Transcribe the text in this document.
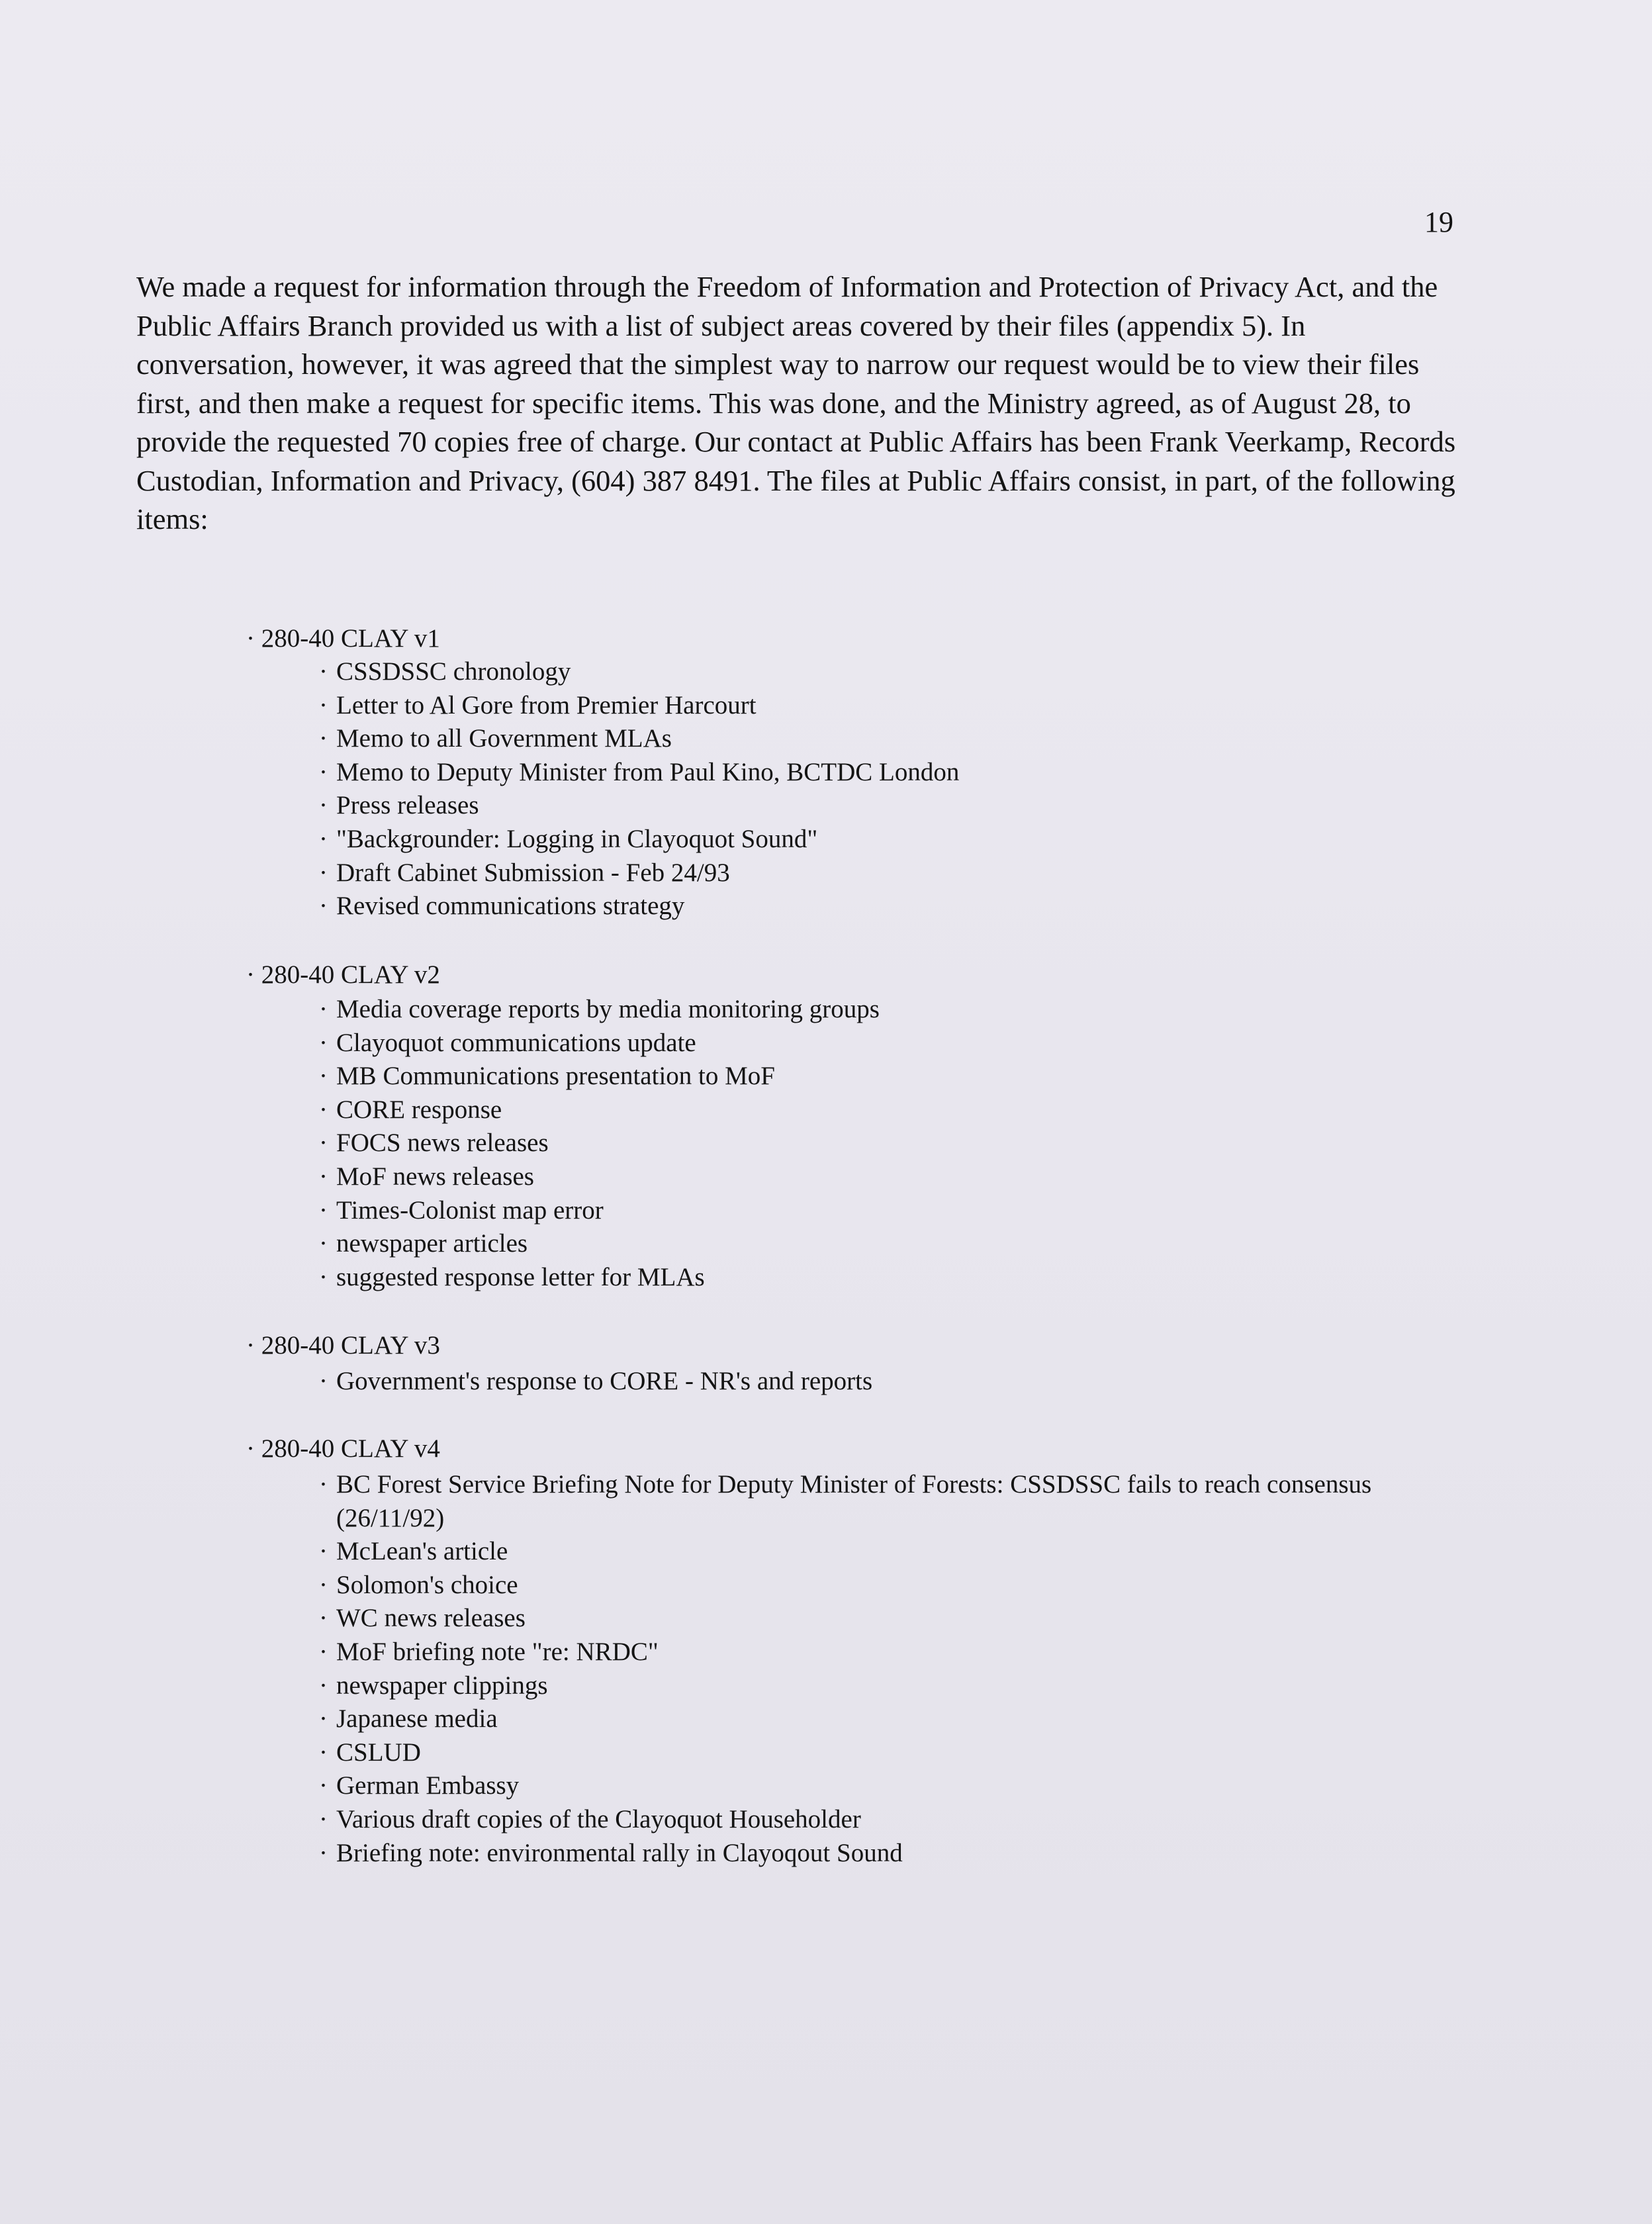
19

We made a request for information through the Freedom of Information and Protection of Privacy Act, and the Public Affairs Branch provided us with a list of subject areas covered by their files (appendix 5). In conversation, however, it was agreed that the simplest way to narrow our request would be to view their files first, and then make a request for specific items. This was done, and the Ministry agreed, as of August 28, to provide the requested 70 copies free of charge. Our contact at Public Affairs has been Frank Veerkamp, Records Custodian, Information and Privacy, (604) 387 8491. The files at Public Affairs consist, in part, of the following items:

· 280-40 CLAY v1

· CSSDSSC chronology
· Letter to Al Gore from Premier Harcourt
· Memo to all Government MLAs
· Memo to Deputy Minister from Paul Kino, BCTDC London
· Press releases
· "Backgrounder: Logging in Clayoquot Sound"
· Draft Cabinet Submission - Feb 24/93
· Revised communications strategy

· 280-40 CLAY v2

· Media coverage reports by media monitoring groups
· Clayoquot communications update
· MB Communications presentation to MoF
· CORE response
· FOCS news releases
· MoF news releases
· Times-Colonist map error
· newspaper articles
· suggested response letter for MLAs

· 280-40 CLAY v3

· Government's response to CORE - NR's and reports

· 280-40 CLAY v4

· BC Forest Service Briefing Note for Deputy Minister of Forests: CSSDSSC fails to reach consensus (26/11/92)
· McLean's article
· Solomon's choice
· WC news releases
· MoF briefing note "re: NRDC"
· newspaper clippings
· Japanese media
· CSLUD
· German Embassy
· Various draft copies of the Clayoquot Householder
· Briefing note: environmental rally in Clayoqout Sound
